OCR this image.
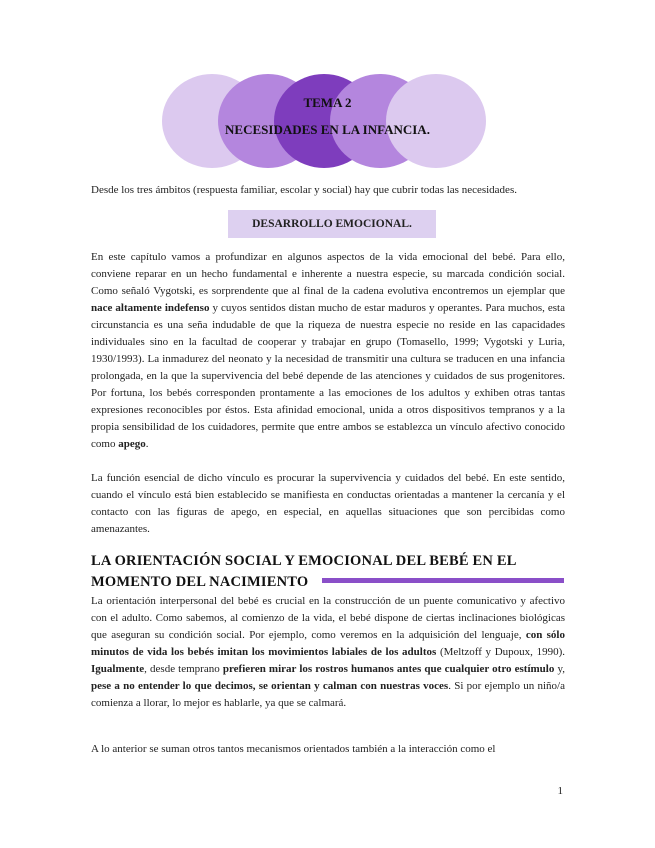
TEMA 2
NECESIDADES EN LA INFANCIA.

Desde los tres ámbitos (respuesta familiar, escolar y social) hay que cubrir todas las necesidades.

DESARROLLO EMOCIONAL.

En este capítulo vamos a profundizar en algunos aspectos de la vida emocional del bebé. Para ello, conviene reparar en un hecho fundamental e inherente a nuestra especie, su marcada condición social. Como señaló Vygotski, es sorprendente que al final de la cadena evolutiva encontremos un ejemplar que nace altamente indefenso y cuyos sentidos distan mucho de estar maduros y operantes. Para muchos, esta circunstancia es una seña indudable de que la riqueza de nuestra especie no reside en las capacidades individuales sino en la facultad de cooperar y trabajar en grupo (Tomasello, 1999; Vygotski y Luria, 1930/1993). La inmadurez del neonato y la necesidad de transmitir una cultura se traducen en una infancia prolongada, en la que la supervivencia del bebé depende de las atenciones y cuidados de sus progenitores. Por fortuna, los bebés corresponden prontamente a las emociones de los adultos y exhiben otras tantas expresiones reconocibles por éstos. Esta afinidad emocional, unida a otros dispositivos tempranos y a la propia sensibilidad de los cuidadores, permite que entre ambos se establezca un vínculo afectivo conocido como apego.

La función esencial de dicho vínculo es procurar la supervivencia y cuidados del bebé. En este sentido, cuando el vínculo está bien establecido se manifiesta en conductas orientadas a mantener la cercanía y el contacto con las figuras de apego, en especial, en aquellas situaciones que son percibidas como amenazantes.

LA ORIENTACIÓN SOCIAL Y EMOCIONAL DEL BEBÉ EN EL
MOMENTO DEL NACIMIENTO

La orientación interpersonal del bebé es crucial en la construcción de un puente comunicativo y afectivo con el adulto. Como sabemos, al comienzo de la vida, el bebé dispone de ciertas inclinaciones biológicas que aseguran su condición social. Por ejemplo, como veremos en la adquisición del lenguaje, con sólo minutos de vida los bebés imitan los movimientos labiales de los adultos (Meltzoff y Dupoux, 1990). Igualmente, desde temprano prefieren mirar los rostros humanos antes que cualquier otro estímulo y, pese a no entender lo que decimos, se orientan y calman con nuestras voces. Si por ejemplo un niño/a comienza a llorar, lo mejor es hablarle, ya que se calmará.

A lo anterior se suman otros tantos mecanismos orientados también a la interacción como el

1
